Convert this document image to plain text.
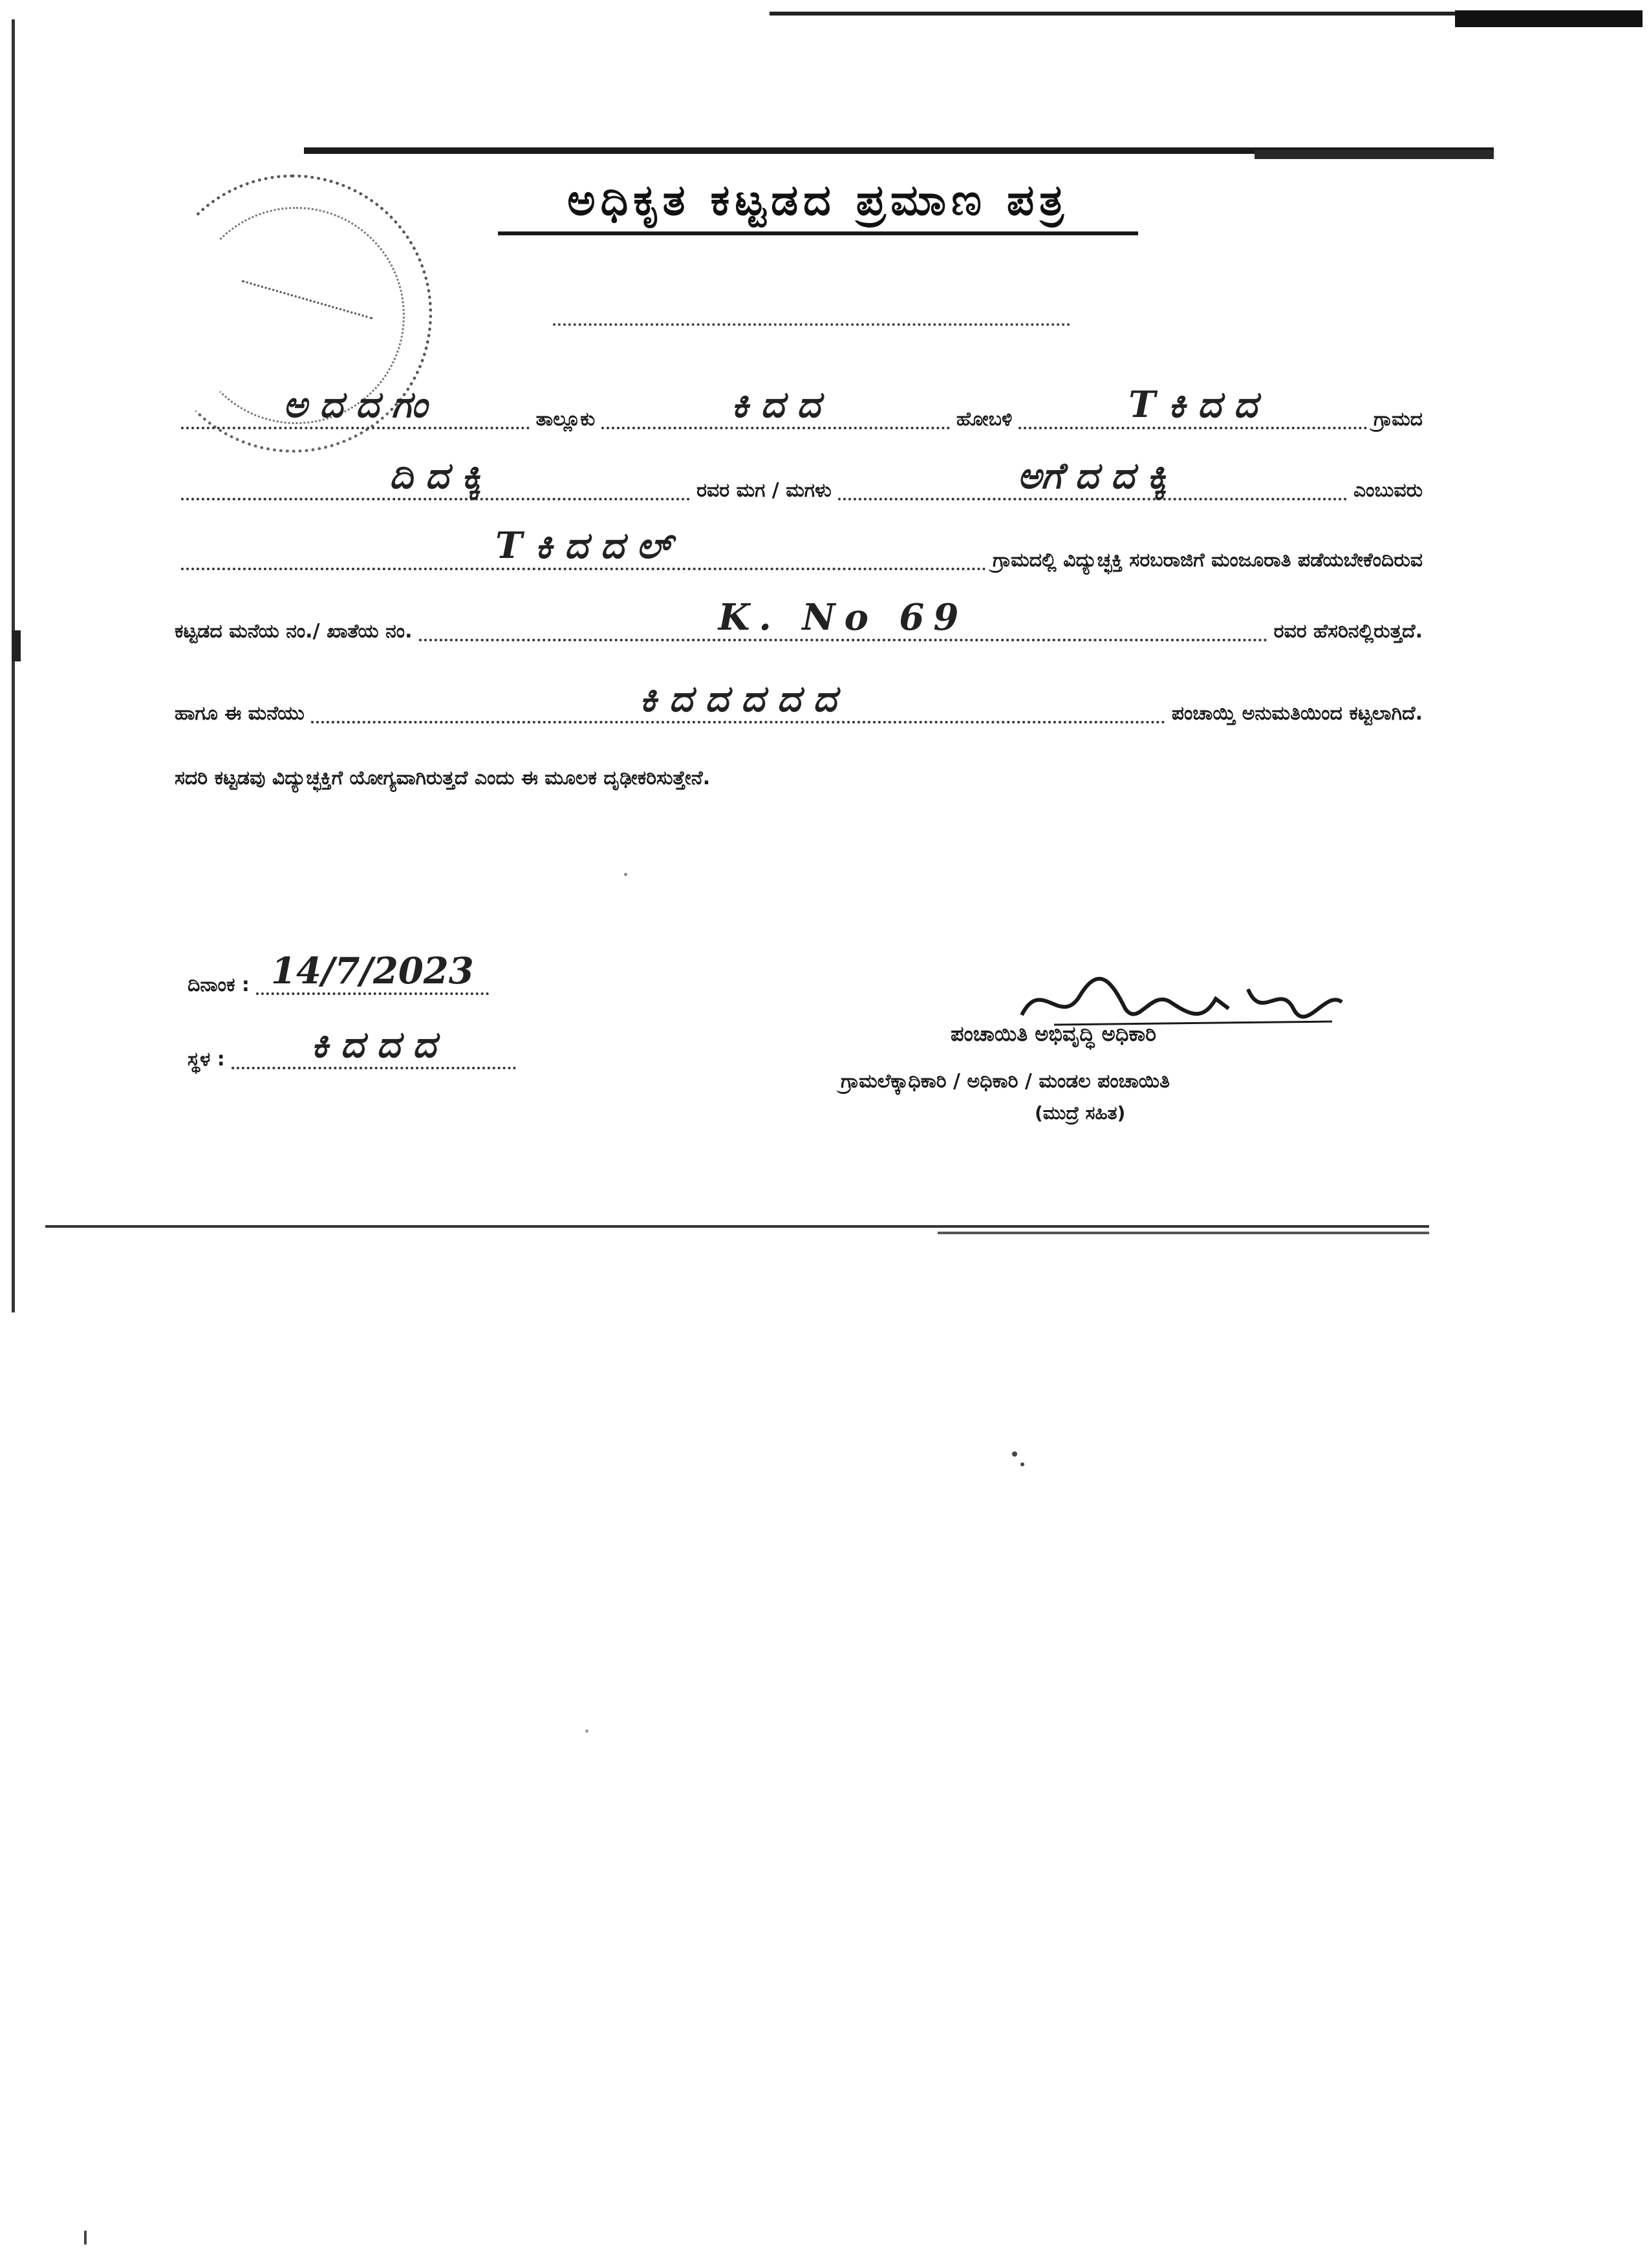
ಅಧಿಕೃತ ಕಟ್ಟಡದ ಪ್ರಮಾಣ ಪತ್ರ
ಅ ದ ದ ಗಂ	ತಾಲ್ಲೂಕು	ಕಿ ದ ದ	ಹೋಬಳಿ	T ಕಿ ದ ದ	ಗ್ರಾಮದ
ದಿ ದ ಕ್ಕಿ	ರವರ ಮಗ / ಮಗಳು	ಅಗೆ ದ ದ ಕ್ಕಿ	ಎಂಬುವರು
T ಕಿ ದ ದ ಲ್	ಗ್ರಾಮದಲ್ಲಿ ವಿದ್ಯುಚ್ಛಕ್ತಿ ಸರಬರಾಜಿಗೆ ಮಂಜೂರಾತಿ ಪಡೆಯಬೇಕೆಂದಿರುವ
ಕಟ್ಟಡದ ಮನೆಯ ನಂ./ ಖಾತೆಯ ನಂ.	K. No 69	ರವರ ಹೆಸರಿನಲ್ಲಿರುತ್ತದೆ.
ಹಾಗೂ ಈ ಮನೆಯು	ಕಿ ದ ದ ದ ದ ದ	ಪಂಚಾಯ್ತಿ ಅನುಮತಿಯಿಂದ ಕಟ್ಟಲಾಗಿದೆ.
ಸದರಿ ಕಟ್ಟಡವು ವಿದ್ಯುಚ್ಛಕ್ತಿಗೆ ಯೋಗ್ಯವಾಗಿರುತ್ತದೆ ಎಂದು ಈ ಮೂಲಕ ದೃಢೀಕರಿಸುತ್ತೇನೆ.
ದಿನಾಂಕ : 14/7/2023
ಸ್ಥಳ : ಕಿ ದ ದ ದ	ಪಂಚಾಯಿತಿ ಅಭಿವೃದ್ಧಿ ಅಧಿಕಾರಿ
ಗ್ರಾಮಲೆಕ್ಕಾಧಿಕಾರಿ / ಅಧಿಕಾರಿ / ಮಂಡಲ ಪಂಚಾಯಿತಿ
(ಮುದ್ರೆ ಸಹಿತ)
